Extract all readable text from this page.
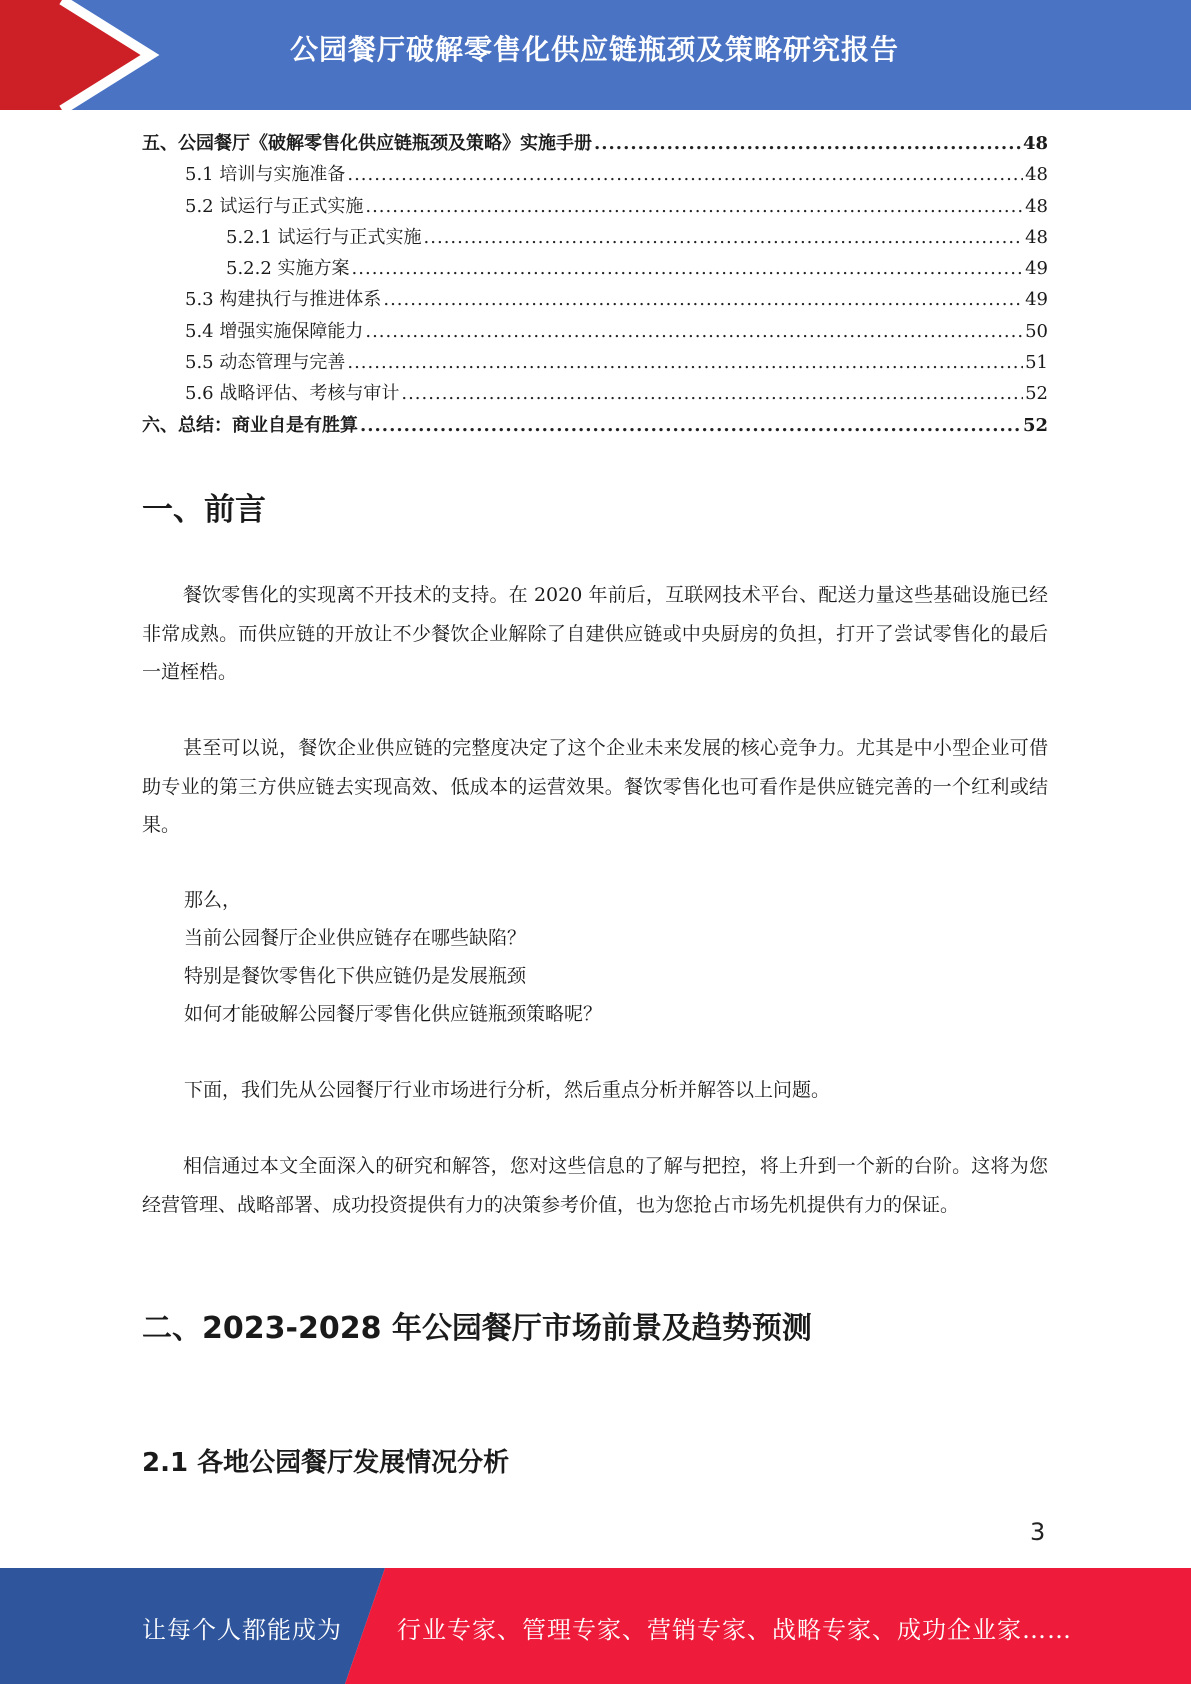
公园餐厅破解零售化供应链瓶颈及策略研究报告
五、公园餐厅《破解零售化供应链瓶颈及策略》实施手册 .....	48
5.1 培训与实施准备 .....	48
5.2 试运行与正式实施 .....	48
5.2.1 试运行与正式实施 .....	48
5.2.2 实施方案 .....	49
5.3 构建执行与推进体系 .....	49
5.4 增强实施保障能力 .....	50
5.5 动态管理与完善 .....	51
5.6 战略评估、考核与审计 .....	52
六、总结：商业自是有胜算 .....	52
一、前言

餐饮零售化的实现离不开技术的支持。在 2020 年前后，互联网技术平台、配送力量这些基础设施已经非常成熟。而供应链的开放让不少餐饮企业解除了自建供应链或中央厨房的负担，打开了尝试零售化的最后一道桎梏。

甚至可以说，餐饮企业供应链的完整度决定了这个企业未来发展的核心竞争力。尤其是中小型企业可借助专业的第三方供应链去实现高效、低成本的运营效果。餐饮零售化也可看作是供应链完善的一个红利或结果。

那么，

当前公园餐厅企业供应链存在哪些缺陷？

特别是餐饮零售化下供应链仍是发展瓶颈

如何才能破解公园餐厅零售化供应链瓶颈策略呢？

下面，我们先从公园餐厅行业市场进行分析，然后重点分析并解答以上问题。

相信通过本文全面深入的研究和解答，您对这些信息的了解与把控，将上升到一个新的台阶。这将为您经营管理、战略部署、成功投资提供有力的决策参考价值，也为您抢占市场先机提供有力的保证。

二、2023-2028 年公园餐厅市场前景及趋势预测
2.1 各地公园餐厅发展情况分析
3
让每个人都能成为 行业专家、管理专家、营销专家、战略专家、成功企业家……
